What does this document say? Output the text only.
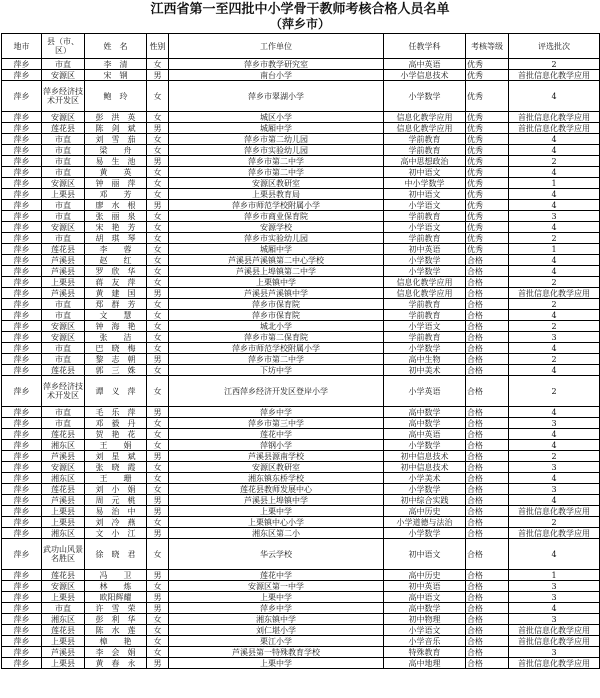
江西省第一至四批中小学骨干教师考核合格人员名单
（萍乡市）
地市	县（市、区）	姓　名	性别	工作单位	任教学科	考核等级	评选批次
萍乡	市直	李　清	女	萍乡市教学研究室	高中英语	优秀	2
萍乡	安源区	宋　钢	男	南台小学	小学信息技术	优秀	首批信息化教学应用
萍乡	萍乡经济技术开发区	鲍　玲	女	萍乡市翠湖小学	小学数学	优秀	4
萍乡	安源区	彭　洪　英	女	城区小学	信息化教学应用	优秀	首批信息化教学应用
萍乡	莲花县	陈　剑　斌	男	城厢中学	信息化教学应用	优秀	首批信息化教学应用
萍乡	市直	刘　雪　茄	女	萍乡市第二幼儿园	学前教育	优秀	4
萍乡	市直	梁　　舟	女	萍乡市实验幼儿园	学前教育	优秀	4
萍乡	市直	易　生　池	男	萍乡市第二中学	高中思想政治	优秀	2
萍乡	市直	黄　　英	女	萍乡市第二中学	初中语文	优秀	4
萍乡	安源区	钟　丽　萍	女	安源区教研室	中小学数学	优秀	1
萍乡	上栗县	邓　　芳	女	上栗县教育局	初中语文	优秀	4
萍乡	市直	廖　水　根	男	萍乡市师范学校附属小学	小学语文	优秀	4
萍乡	市直	张　丽　泉	女	萍乡市商业保育院	学前教育	优秀	3
萍乡	安源区	宋　艳　芳	女	安源学校	小学语文	优秀	4
萍乡	市直	胡　琪　琴	女	萍乡市实验幼儿园	学前教育	优秀	2
萍乡	莲花县	李　　蓉	女	城厢中学	初中英语	优秀	1
萍乡	芦溪县	赵　　红	女	芦溪县芦溪镇第二中心学校	小学数学	合格	4
萍乡	芦溪县	罗　欣　华	女	芦溪县上埠镇第二中学	小学数学	合格	4
萍乡	上栗县	蒋　友　萍	女	上栗镇中学	信息化教学应用	合格	2
萍乡	芦溪县	黄　建　国	男	芦溪县芦溪镇中学	信息化教学应用	合格	首批信息化教学应用
萍乡	市直	郑　群　芳	女	萍乡市保育院	学前教育	合格	2
萍乡	市直	文　　慧	女	萍乡市保育院	学前教育	合格	4
萍乡	安源区	钟　海　艳	女	城北小学	小学语文	合格	2
萍乡	安源区	张　　洁	女	萍乡市第二保育院	学前教育	合格	3
萍乡	市直	巴　晓　梅	女	萍乡市师范学校附属小学	小学数学	合格	4
萍乡	市直	黎　志　朝	男	萍乡市第二中学	高中生物	合格	2
萍乡	莲花县	郭　三　姝	女	下坊中学	初中美术	合格	4
萍乡	萍乡经济技术开发区	谭　义　萍	女	江西萍乡经济开发区登岸小学	小学英语	合格	2
萍乡	市直	毛　乐　萍	男	萍乡中学	高中数学	合格	4
萍乡	市直	邓　毅　丹	女	萍乡市第三中学	高中数学	合格	3
萍乡	莲花县	贺　艳　花	女	莲花中学	高中英语	合格	4
萍乡	湘东区	王　　娟	女	萍钢小学	小学数学	合格	4
萍乡	芦溪县	刘　星　斌	男	芦溪县源南学校	初中信息技术	合格	2
萍乡	安源区	张　晓　霞	女	安源区教研室	初中信息技术	合格	3
萍乡	湘东区	王　　珊	女	湘东镇东桥学校	小学美术	合格	4
萍乡	莲花县	刘　小　娟	女	莲花县教师发展中心	小学数学	合格	3
萍乡	芦溪县	周　元　桃	男	芦溪县上埠镇中学	初中综合实践	合格	4
萍乡	上栗县	易　治　中	男	上栗中学	高中历史	合格	首批信息化教学应用
萍乡	上栗县	刘　冷　燕	女	上栗镇中心小学	小学道德与法治	合格	2
萍乡	湘东区	文　小　江	男	湘东区第二小	小学数学	合格	首批信息化教学应用
萍乡	武功山风景名胜区	徐　晓　君	女	华云学校	初中语文	合格	4
萍乡	莲花县	冯　　卫	男	莲花中学	高中历史	合格	1
萍乡	安源区	林　　炼	女	安源区第一中学	初中英语	合格	3
萍乡	上栗县	欧阳辉耀	男	上栗中学	高中语文	合格	3
萍乡	市直	许　雪　荣	男	萍乡中学	高中数学	合格	4
萍乡	湘东区	彭　利　华	女	湘东镇中学	初中物理	合格	3
萍乡	莲花县	陈　水　莲	女	刘仁堪小学	小学语文	合格	首批信息化教学应用
萍乡	上栗县	樟　　艳	女	栗江小学	小学音乐	合格	首批信息化教学应用
萍乡	芦溪县	李　会　娟	女	芦溪县第一特殊教育学校	特殊教育	合格	3
萍乡	上栗县	黄　春　永	男	上栗中学	高中地理	合格	首批信息化教学应用
